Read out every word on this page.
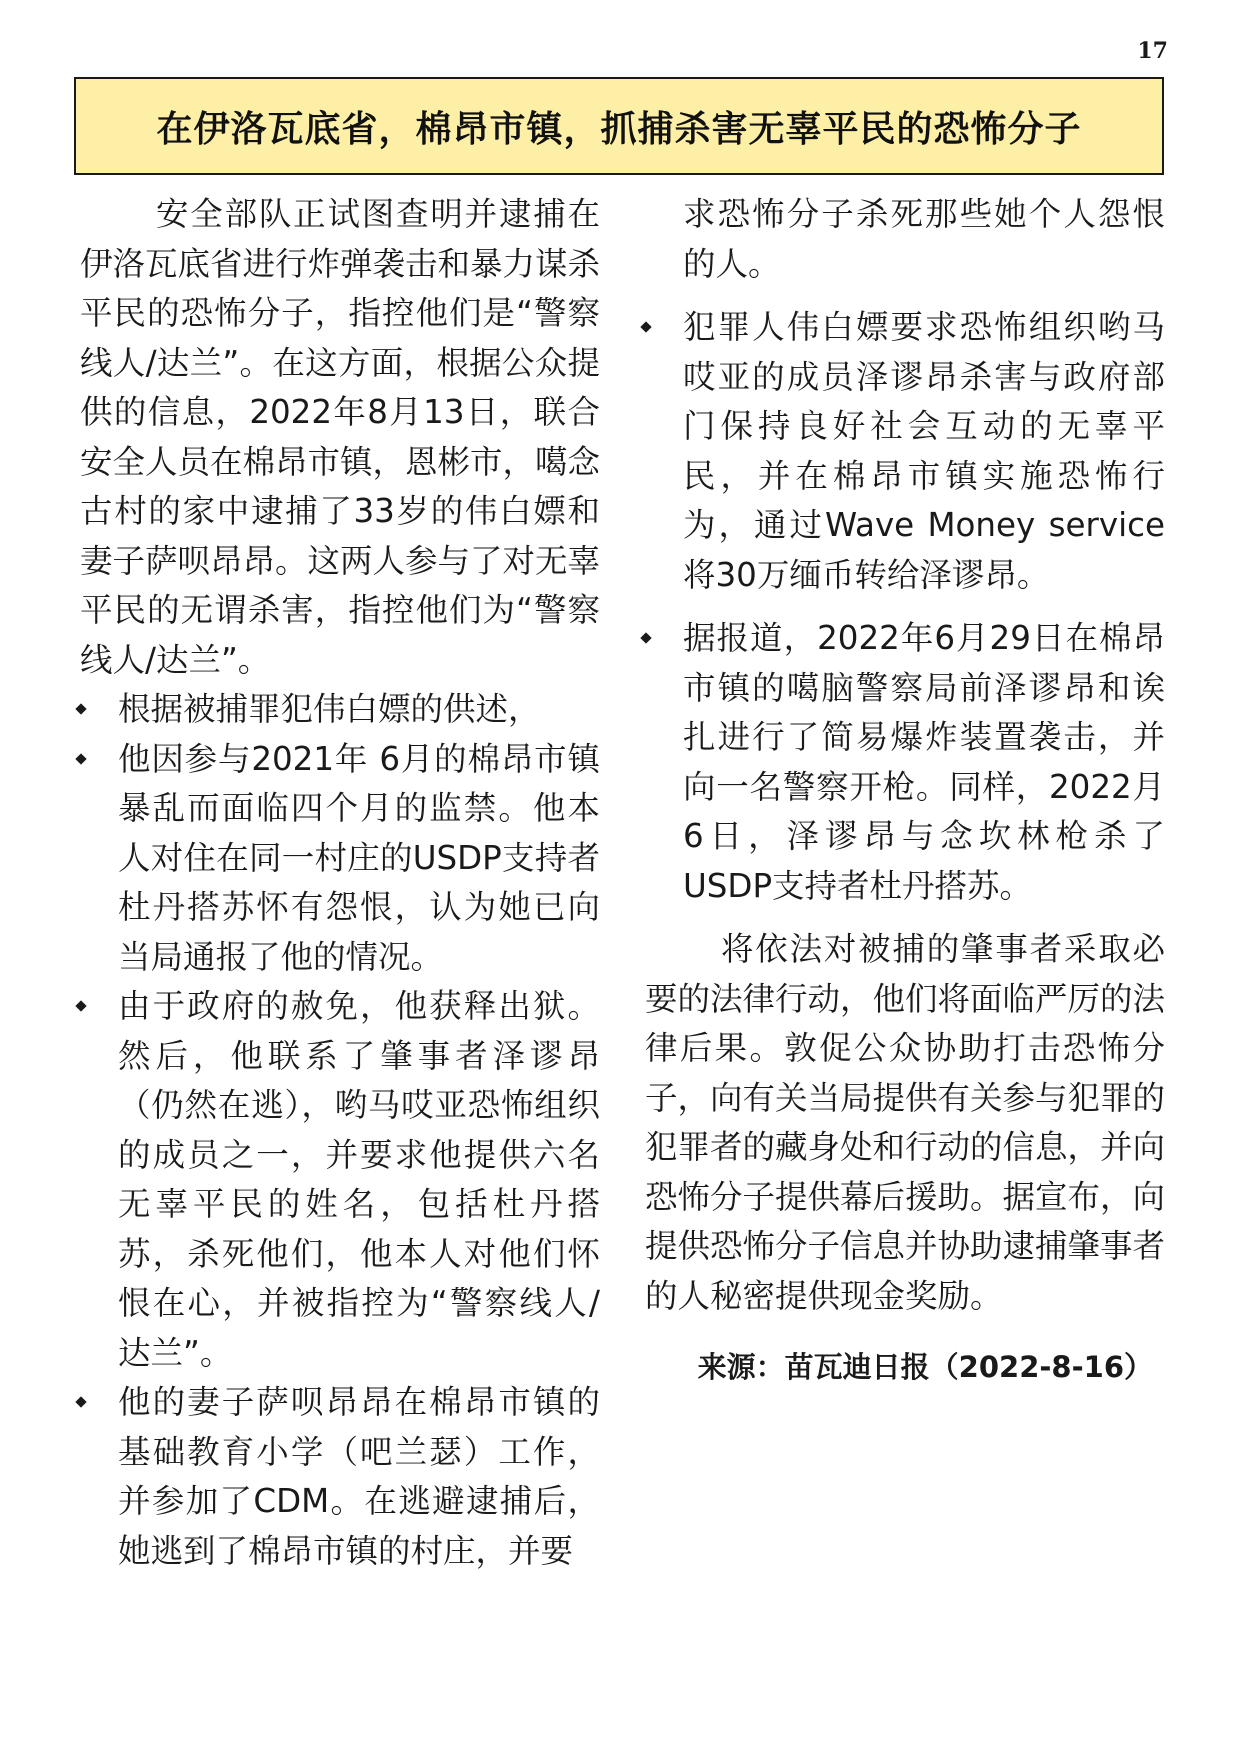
17
在伊洛瓦底省，棉昂市镇，抓捕杀害无辜平民的恐怖分子

安全部队正试图查明并逮捕在伊洛瓦底省进行炸弹袭击和暴力谋杀平民的恐怖分子，指控他们是“警察线人/达兰”。在这方面，根据公众提供的信息，2022年8月13日，联合安全人员在棉昂市镇，恩彬市，噶念古村的家中逮捕了33岁的伟白嫖和妻子萨呗昂昂。这两人参与了对无辜平民的无谓杀害，指控他们为“警察线人/达兰”。

根据被捕罪犯伟白嫖的供述，
他因参与2021年 6月的棉昂市镇暴乱而面临四个月的监禁。他本人对住在同一村庄的USDP支持者杜丹搭苏怀有怨恨，认为她已向当局通报了他的情况。
由于政府的赦免，他获释出狱。然后，他联系了肇事者泽谬昂（仍然在逃），哟马哎亚恐怖组织的成员之一，并要求他提供六名无辜平民的姓名，包括杜丹搭苏，杀死他们，他本人对他们怀恨在心，并被指控为“警察线人/达兰”。
他的妻子萨呗昂昂在棉昂市镇的基础教育小学（吧兰瑟）工作，并参加了CDM。在逃避逮捕后，她逃到了棉昂市镇的村庄，并要

求恐怖分子杀死那些她个人怨恨的人。

犯罪人伟白嫖要求恐怖组织哟马哎亚的成员泽谬昂杀害与政府部门保持良好社会互动的无辜平民，并在棉昂市镇实施恐怖行为，通过Wave Money service将30万缅币转给泽谬昂。
据报道，2022年6月29日在棉昂市镇的噶脑警察局前泽谬昂和诶扎进行了简易爆炸装置袭击，并向一名警察开枪。同样，2022月6日，泽谬昂与念坎林枪杀了USDP支持者杜丹搭苏。

将依法对被捕的肇事者采取必要的法律行动，他们将面临严厉的法律后果。敦促公众协助打击恐怖分子，向有关当局提供有关参与犯罪的犯罪者的藏身处和行动的信息，并向恐怖分子提供幕后援助。据宣布，向提供恐怖分子信息并协助逮捕肇事者的人秘密提供现金奖励。

来源：苗瓦迪日报（2022-8-16）
